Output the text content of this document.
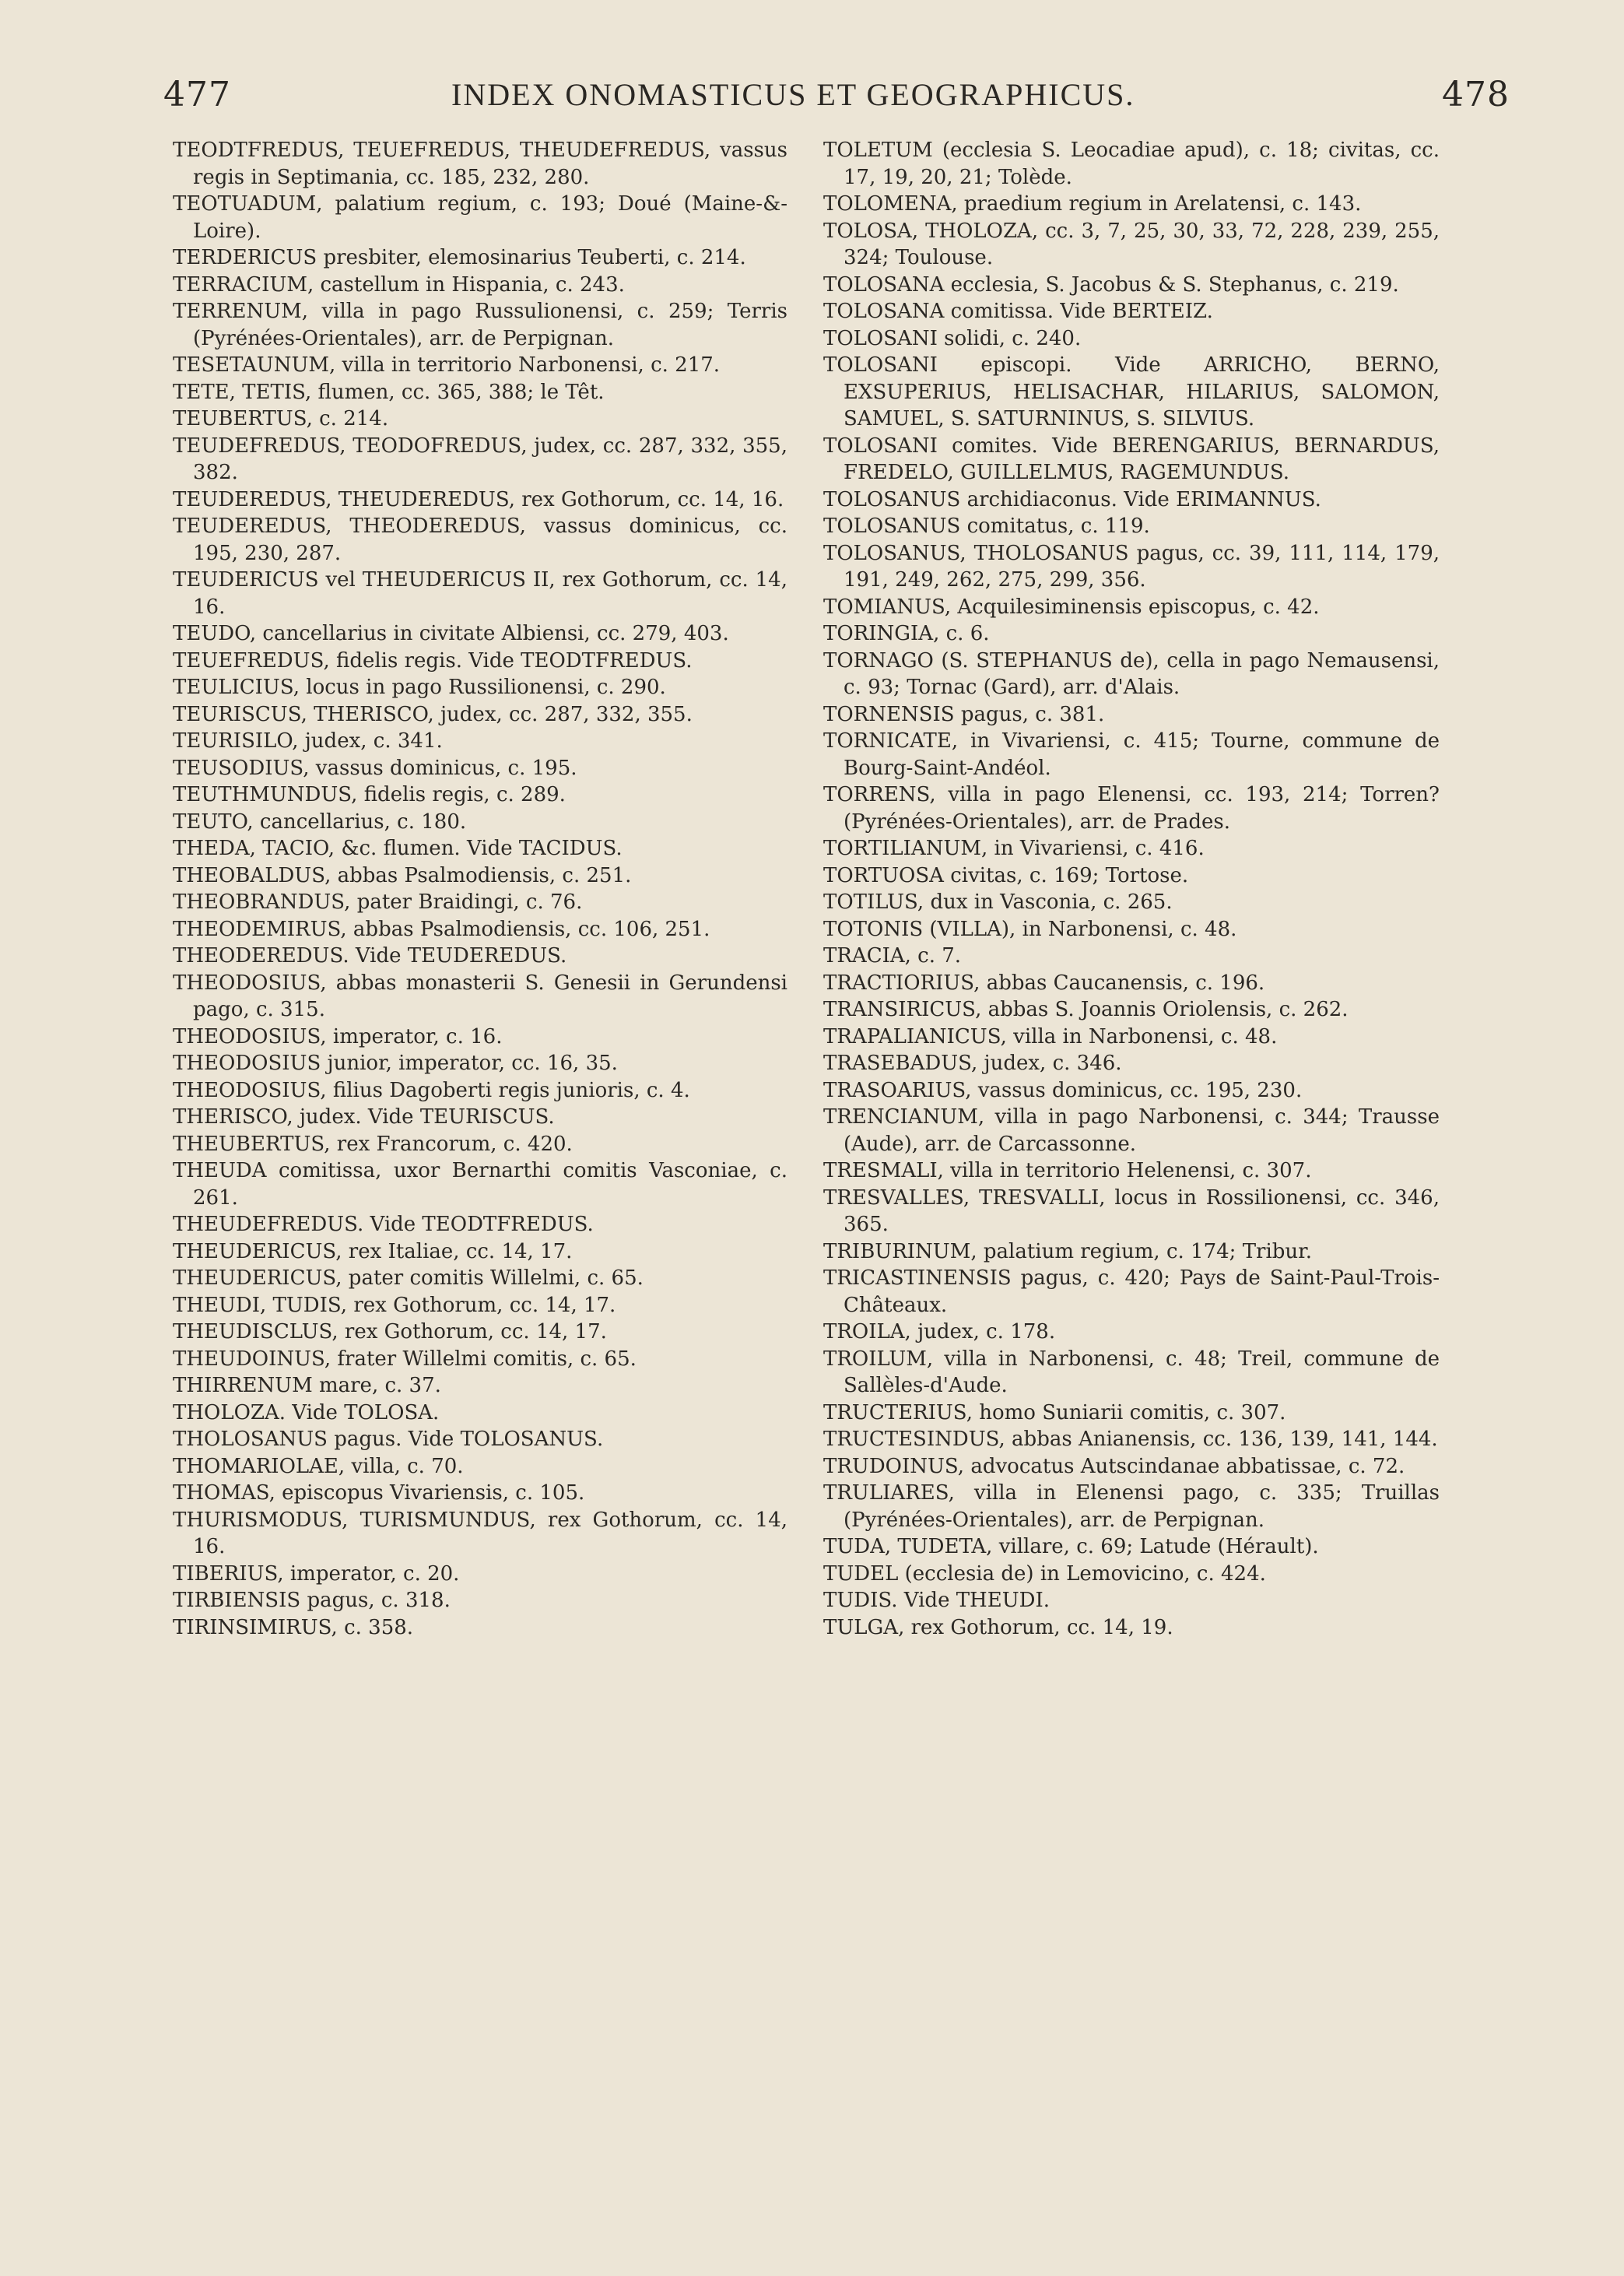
477	INDEX ONOMASTICUS ET GEOGRAPHICUS.	478

TEODTFREDUS, TEUEFREDUS, THEUDEFREDUS, vassus regis in Septimania, cc. 185, 232, 280.

TEOTUADUM, palatium regium, c. 193; Doué (Maine-&-Loire).

TERDERICUS presbiter, elemosinarius Teuberti, c. 214.

TERRACIUM, castellum in Hispania, c. 243.

TERRENUM, villa in pago Russulionensi, c. 259; Terris (Pyrénées-Orientales), arr. de Perpignan.

TESETAUNUM, villa in territorio Narbonensi, c. 217.

TETE, TETIS, flumen, cc. 365, 388; le Têt.

TEUBERTUS, c. 214.

TEUDEFREDUS, TEODOFREDUS, judex, cc. 287, 332, 355, 382.

TEUDEREDUS, THEUDEREDUS, rex Gothorum, cc. 14, 16.

TEUDEREDUS, THEODEREDUS, vassus dominicus, cc. 195, 230, 287.

TEUDERICUS vel THEUDERICUS II, rex Gothorum, cc. 14, 16.

TEUDO, cancellarius in civitate Albiensi, cc. 279, 403.

TEUEFREDUS, fidelis regis. Vide TEODTFREDUS.

TEULICIUS, locus in pago Russilionensi, c. 290.

TEURISCUS, THERISCO, judex, cc. 287, 332, 355.

TEURISILO, judex, c. 341.

TEUSODIUS, vassus dominicus, c. 195.

TEUTHMUNDUS, fidelis regis, c. 289.

TEUTO, cancellarius, c. 180.

THEDA, TACIO, &c. flumen. Vide TACIDUS.

THEOBALDUS, abbas Psalmodiensis, c. 251.

THEOBRANDUS, pater Braidingi, c. 76.

THEODEMIRUS, abbas Psalmodiensis, cc. 106, 251.

THEODEREDUS. Vide TEUDEREDUS.

THEODOSIUS, abbas monasterii S. Genesii in Gerundensi pago, c. 315.

THEODOSIUS, imperator, c. 16.

THEODOSIUS junior, imperator, cc. 16, 35.

THEODOSIUS, filius Dagoberti regis junioris, c. 4.

THERISCO, judex. Vide TEURISCUS.

THEUBERTUS, rex Francorum, c. 420.

THEUDA comitissa, uxor Bernarthi comitis Vasconiae, c. 261.

THEUDEFREDUS. Vide TEODTFREDUS.

THEUDERICUS, rex Italiae, cc. 14, 17.

THEUDERICUS, pater comitis Willelmi, c. 65.

THEUDI, TUDIS, rex Gothorum, cc. 14, 17.

THEUDISCLUS, rex Gothorum, cc. 14, 17.

THEUDOINUS, frater Willelmi comitis, c. 65.

THIRRENUM mare, c. 37.

THOLOZA. Vide TOLOSA.

THOLOSANUS pagus. Vide TOLOSANUS.

THOMARIOLAE, villa, c. 70.

THOMAS, episcopus Vivariensis, c. 105.

THURISMODUS, TURISMUNDUS, rex Gothorum, cc. 14, 16.

TIBERIUS, imperator, c. 20.

TIRBIENSIS pagus, c. 318.

TIRINSIMIRUS, c. 358.

TOLETUM (ecclesia S. Leocadiae apud), c. 18; civitas, cc. 17, 19, 20, 21; Tolède.

TOLOMENA, praedium regium in Arelatensi, c. 143.

TOLOSA, THOLOZA, cc. 3, 7, 25, 30, 33, 72, 228, 239, 255, 324; Toulouse.

TOLOSANA ecclesia, S. Jacobus & S. Stephanus, c. 219.

TOLOSANA comitissa. Vide BERTEIZ.

TOLOSANI solidi, c. 240.

TOLOSANI episcopi. Vide ARRICHO, BERNO, EXSUPERIUS, HELISACHAR, HILARIUS, SALOMON, SAMUEL, S. SATURNINUS, S. SILVIUS.

TOLOSANI comites. Vide BERENGARIUS, BERNARDUS, FREDELO, GUILLELMUS, RAGEMUNDUS.

TOLOSANUS archidiaconus. Vide ERIMANNUS.

TOLOSANUS comitatus, c. 119.

TOLOSANUS, THOLOSANUS pagus, cc. 39, 111, 114, 179, 191, 249, 262, 275, 299, 356.

TOMIANUS, Acquilesiminensis episcopus, c. 42.

TORINGIA, c. 6.

TORNAGO (S. STEPHANUS de), cella in pago Nemausensi, c. 93; Tornac (Gard), arr. d'Alais.

TORNENSIS pagus, c. 381.

TORNICATE, in Vivariensi, c. 415; Tourne, commune de Bourg-Saint-Andéol.

TORRENS, villa in pago Elenensi, cc. 193, 214; Torren? (Pyrénées-Orientales), arr. de Prades.

TORTILIANUM, in Vivariensi, c. 416.

TORTUOSA civitas, c. 169; Tortose.

TOTILUS, dux in Vasconia, c. 265.

TOTONIS (VILLA), in Narbonensi, c. 48.

TRACIA, c. 7.

TRACTIORIUS, abbas Caucanensis, c. 196.

TRANSIRICUS, abbas S. Joannis Oriolensis, c. 262.

TRAPALIANICUS, villa in Narbonensi, c. 48.

TRASEBADUS, judex, c. 346.

TRASOARIUS, vassus dominicus, cc. 195, 230.

TRENCIANUM, villa in pago Narbonensi, c. 344; Trausse (Aude), arr. de Carcassonne.

TRESMALI, villa in territorio Helenensi, c. 307.

TRESVALLES, TRESVALLI, locus in Rossilionensi, cc. 346, 365.

TRIBURINUM, palatium regium, c. 174; Tribur.

TRICASTINENSIS pagus, c. 420; Pays de Saint-Paul-Trois-Châteaux.

TROILA, judex, c. 178.

TROILUM, villa in Narbonensi, c. 48; Treil, commune de Sallèles-d'Aude.

TRUCTERIUS, homo Suniarii comitis, c. 307.

TRUCTESINDUS, abbas Anianensis, cc. 136, 139, 141, 144.

TRUDOINUS, advocatus Autscindanae abbatissae, c. 72.

TRULIARES, villa in Elenensi pago, c. 335; Truillas (Pyrénées-Orientales), arr. de Perpignan.

TUDA, TUDETA, villare, c. 69; Latude (Hérault).

TUDEL (ecclesia de) in Lemovicino, c. 424.

TUDIS. Vide THEUDI.

TULGA, rex Gothorum, cc. 14, 19.
